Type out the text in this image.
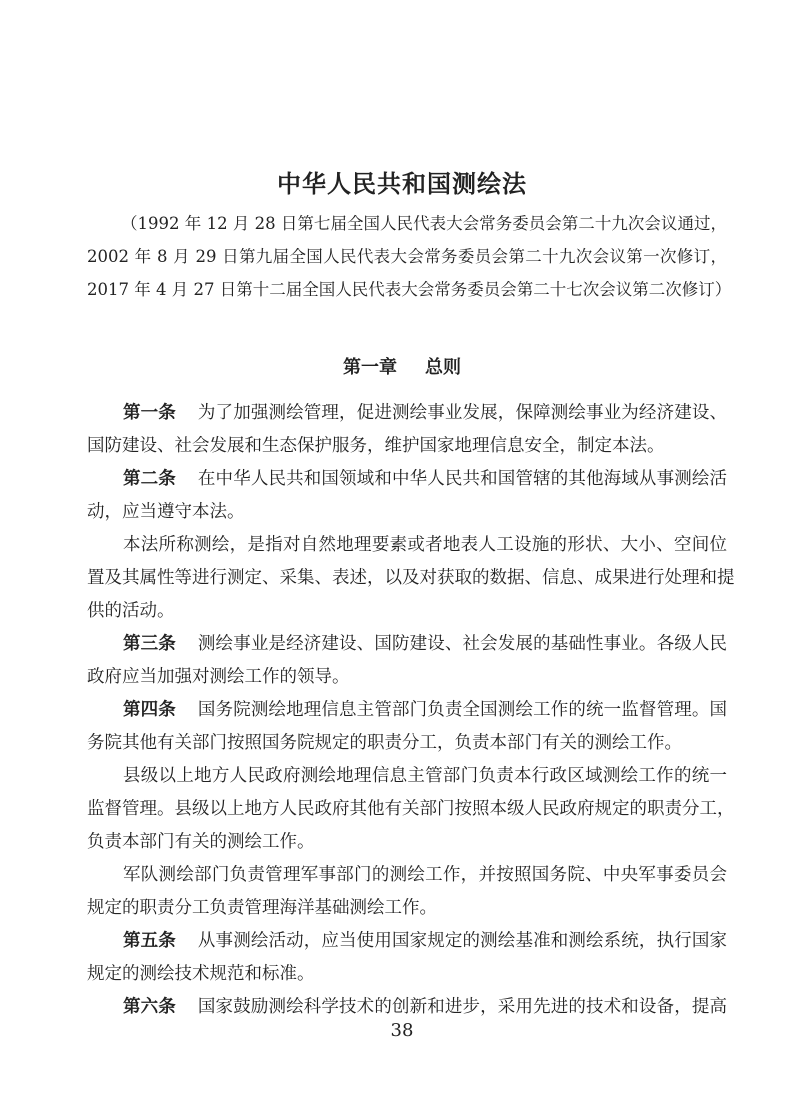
中华人民共和国测绘法
（1992 年 12 月 28 日第七届全国人民代表大会常务委员会第二十九次会议通过，
2002 年 8 月 29 日第九届全国人民代表大会常务委员会第二十九次会议第一次修订，
2017 年 4 月 27 日第十二届全国人民代表大会常务委员会第二十七次会议第二次修订）
第一章 总则
第一条 为了加强测绘管理，促进测绘事业发展，保障测绘事业为经济建设、
国防建设、社会发展和生态保护服务，维护国家地理信息安全，制定本法。
第二条 在中华人民共和国领域和中华人民共和国管辖的其他海域从事测绘活
动，应当遵守本法。
本法所称测绘，是指对自然地理要素或者地表人工设施的形状、大小、空间位
置及其属性等进行测定、采集、表述，以及对获取的数据、信息、成果进行处理和提
供的活动。
第三条 测绘事业是经济建设、国防建设、社会发展的基础性事业。各级人民
政府应当加强对测绘工作的领导。
第四条 国务院测绘地理信息主管部门负责全国测绘工作的统一监督管理。国
务院其他有关部门按照国务院规定的职责分工，负责本部门有关的测绘工作。
县级以上地方人民政府测绘地理信息主管部门负责本行政区域测绘工作的统一
监督管理。县级以上地方人民政府其他有关部门按照本级人民政府规定的职责分工，
负责本部门有关的测绘工作。
军队测绘部门负责管理军事部门的测绘工作，并按照国务院、中央军事委员会
规定的职责分工负责管理海洋基础测绘工作。
第五条 从事测绘活动，应当使用国家规定的测绘基准和测绘系统，执行国家
规定的测绘技术规范和标准。
第六条 国家鼓励测绘科学技术的创新和进步，采用先进的技术和设备，提高
38
